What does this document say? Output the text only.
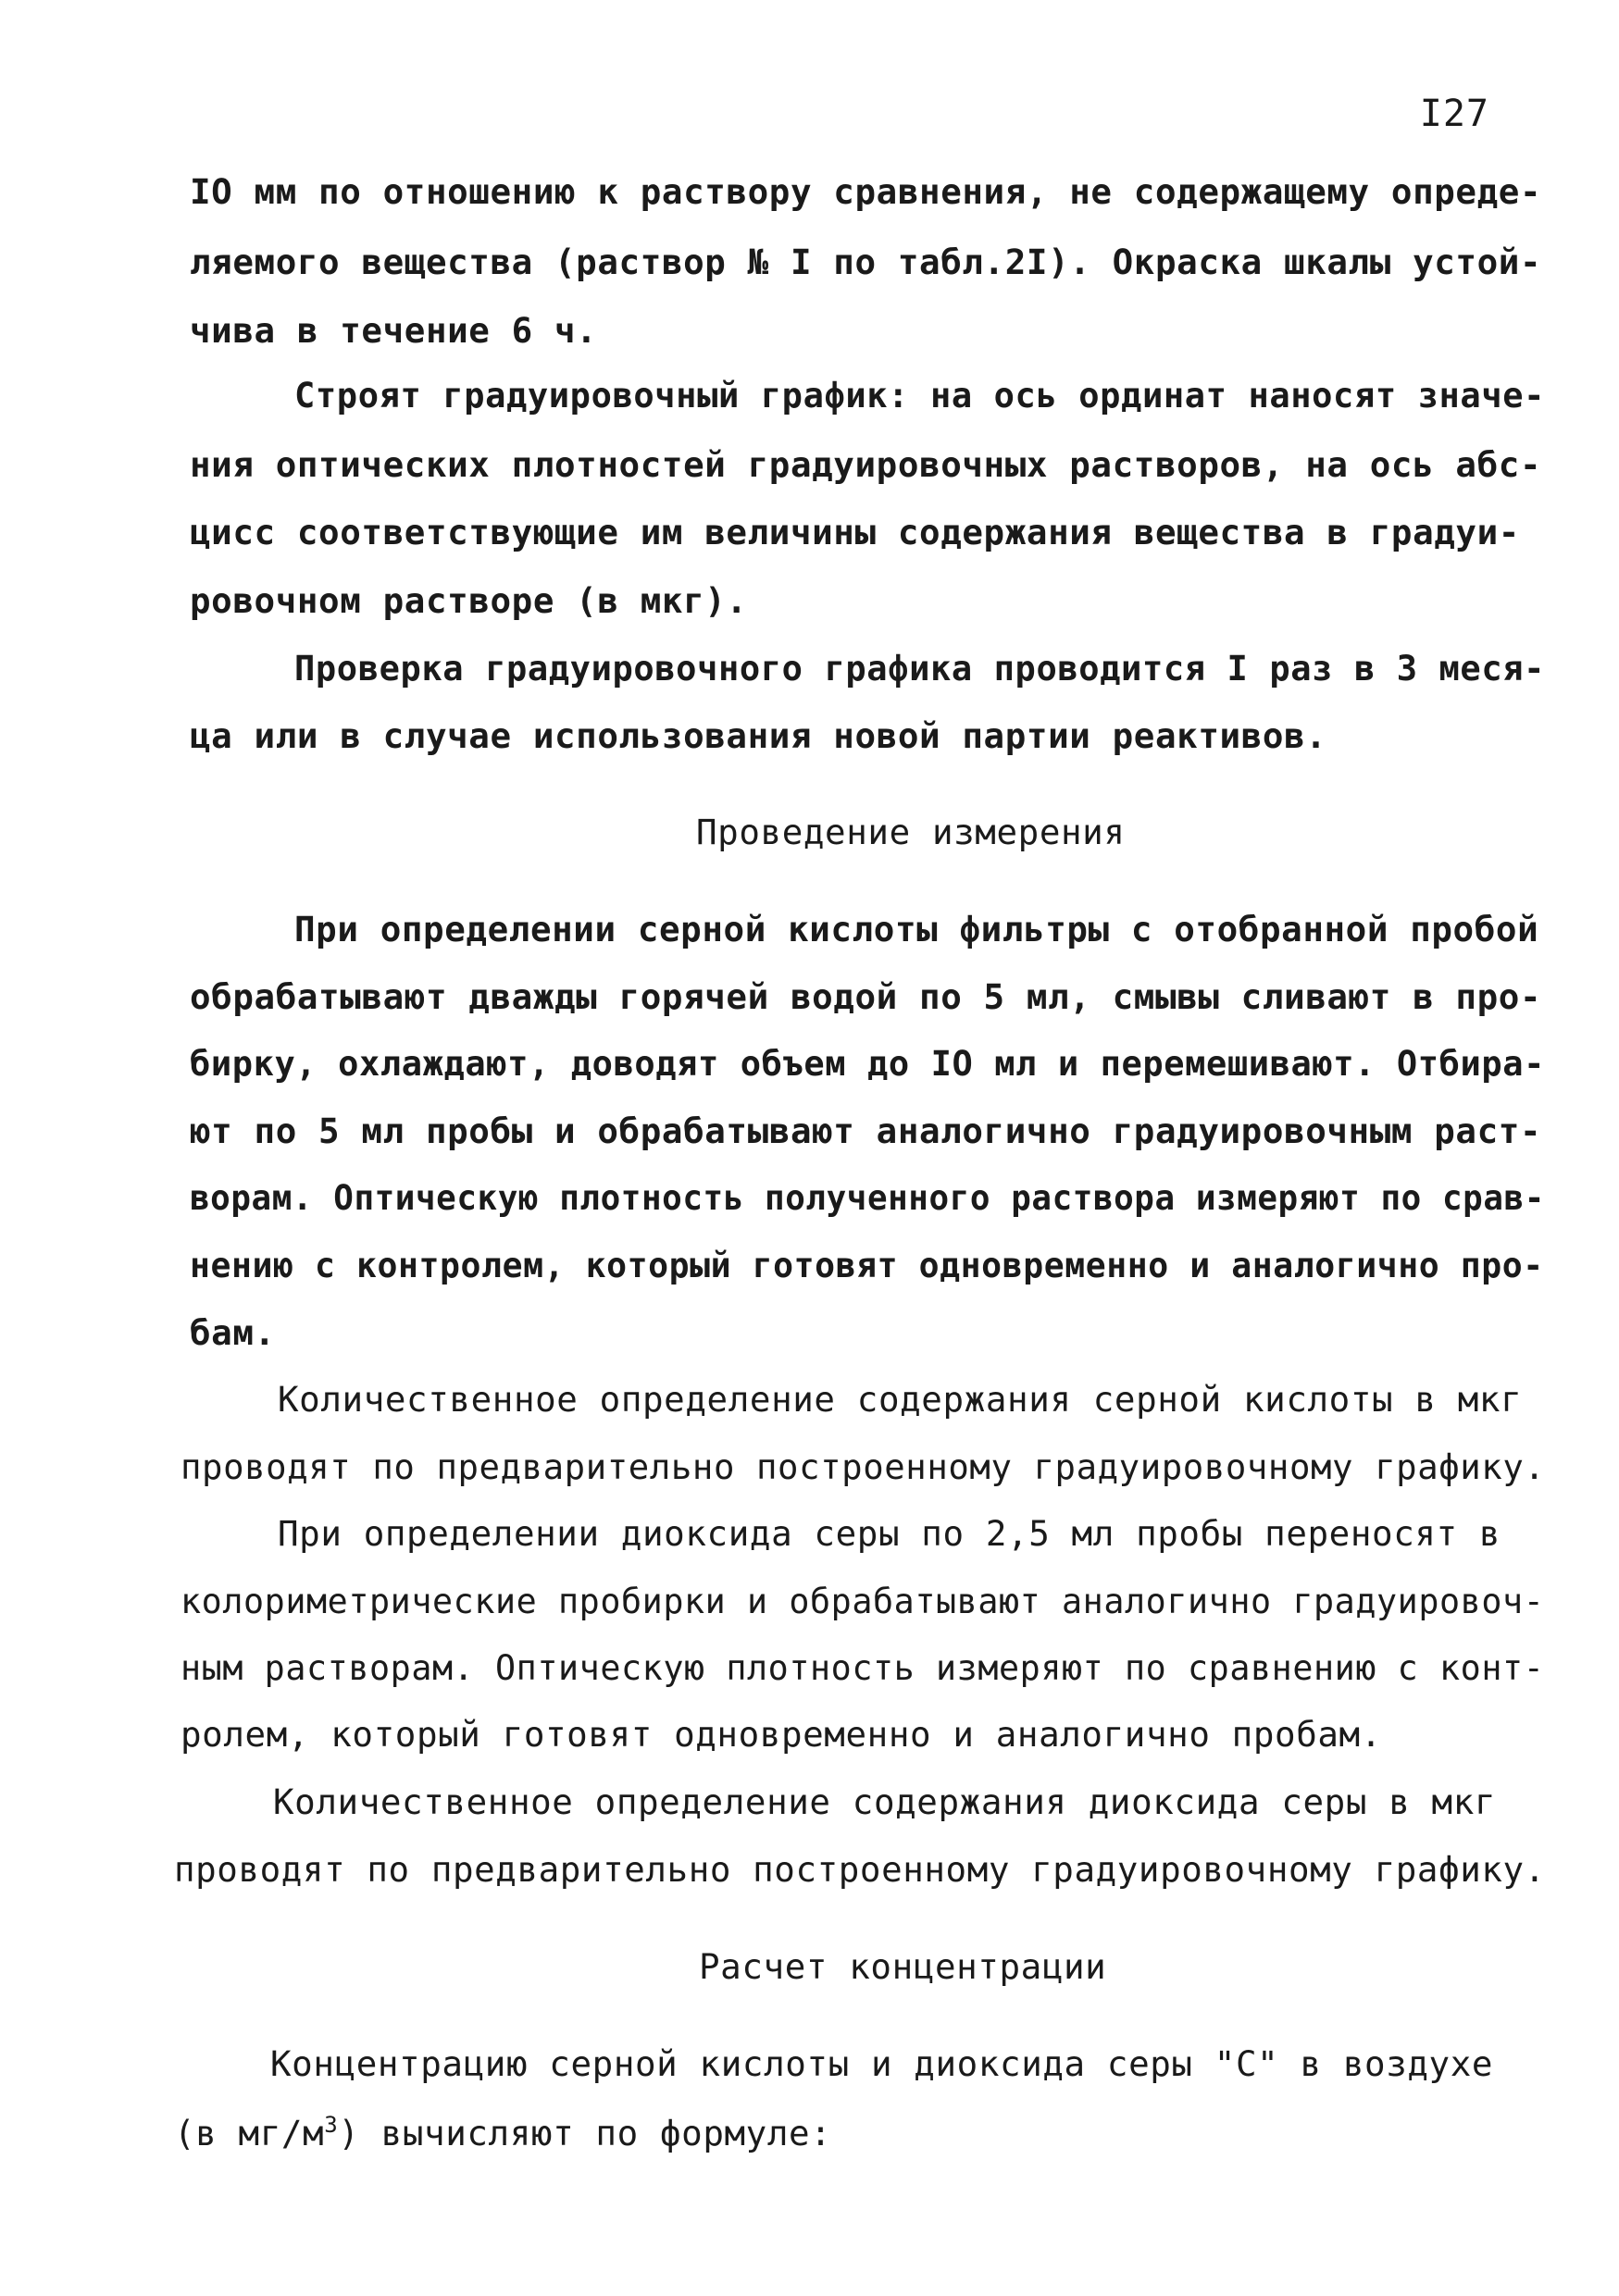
I27
IO мм по отношению к раствору сравнения, не содержащему опреде-
ляемого вещества (раствор № I по табл.2I). Окраска шкалы устой-
чива в течение 6 ч.
Строят градуировочный график: на ось ординат наносят значе-
ния оптических плотностей градуировочных растворов, на ось абс-
цисс соответствующие им величины содержания вещества в градуи-
ровочном растворе (в мкг).
Проверка градуировочного графика проводится I раз в 3 меся-
ца или в случае использования новой партии реактивов.
Проведение измерения
При определении серной кислоты фильтры с отобранной пробой
обрабатывают дважды горячей водой по 5 мл, смывы сливают в про-
бирку, охлаждают, доводят объем до IO мл и перемешивают. Отбира-
ют по 5 мл пробы и обрабатывают аналогично градуировочным раст-
ворам. Оптическую плотность полученного раствора измеряют по срав-
нению с контролем, который готовят одновременно и аналогично про-
бам.
Количественное определение содержания серной кислоты в мкг
проводят по предварительно построенному градуировочному графику.
При определении диоксида серы по 2,5 мл пробы переносят в
колориметрические пробирки и обрабатывают аналогично градуировоч-
ным растворам. Оптическую плотность измеряют по сравнению с конт-
ролем, который готовят одновременно и аналогично пробам.
Количественное определение содержания диоксида серы в мкг
проводят по предварительно построенному градуировочному графику.
Расчет концентрации
Концентрацию серной кислоты и диоксида серы "С" в воздухе
(в $мг/м^3$) вычисляют по формуле:
